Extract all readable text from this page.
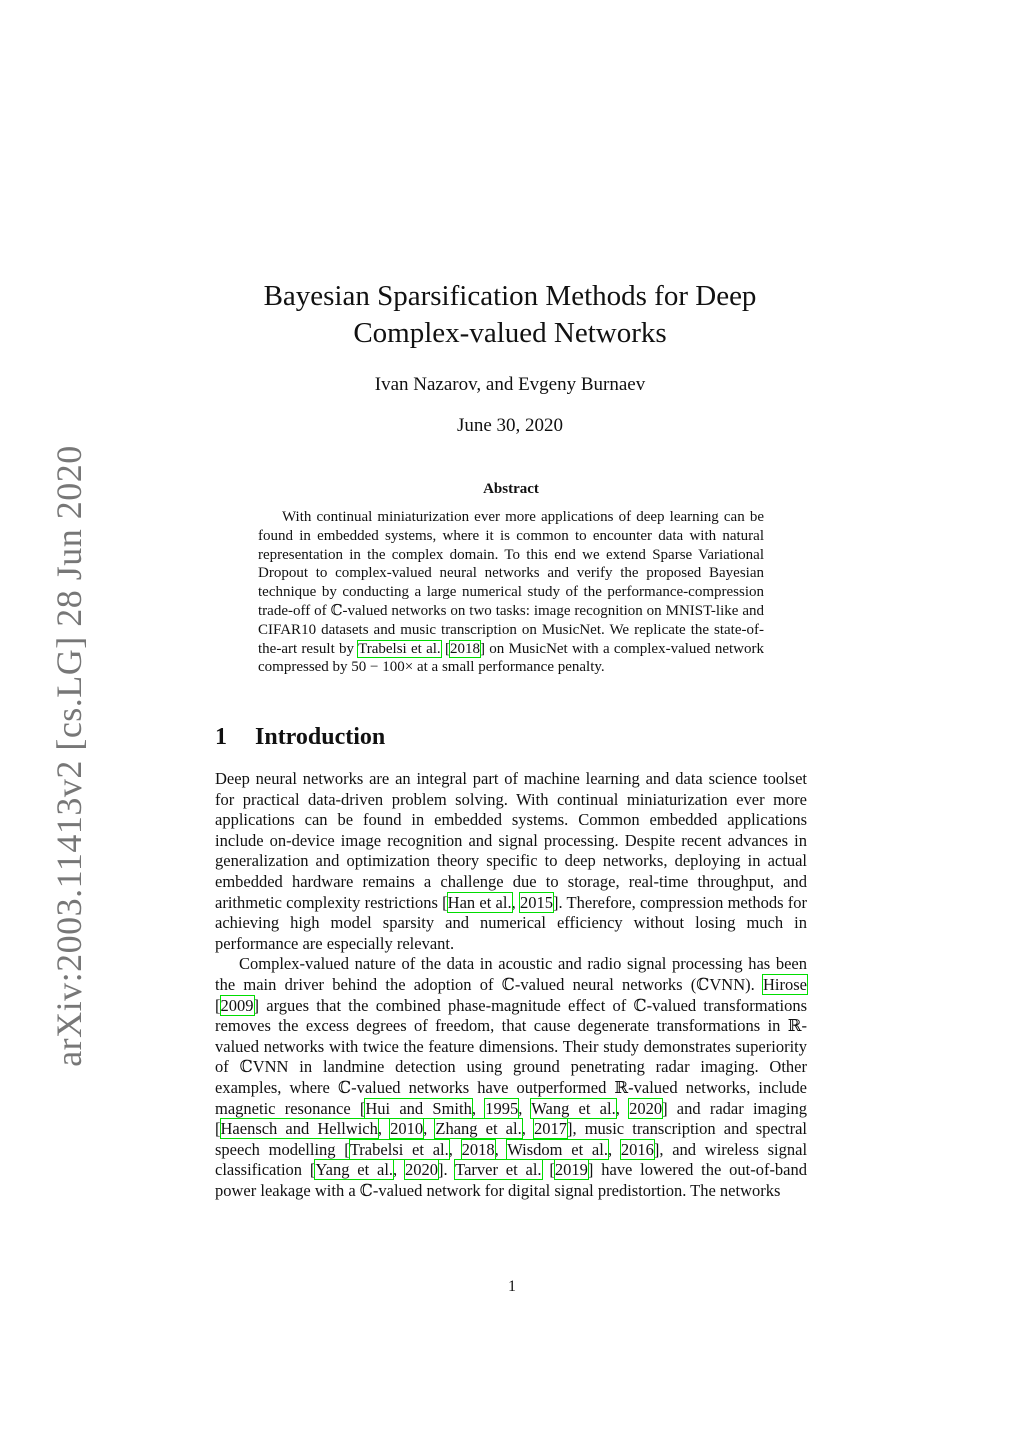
arXiv:2003.11413v2 [cs.LG] 28 Jun 2020
Bayesian Sparsification Methods for Deep
Complex-valued Networks
Ivan Nazarov, and Evgeny Burnaev
June 30, 2020
Abstract

With continual miniaturization ever more applications of deep learning can be found in embedded systems, where it is common to encounter data with natural representation in the complex domain. To this end we extend Sparse Variational Dropout to complex-valued neural networks and verify the proposed Bayesian technique by conducting a large numerical study of the performance-compression trade-off of ℂ-valued networks on two tasks: image recognition on MNIST-like and CIFAR10 datasets and music transcription on MusicNet. We replicate the state-of-the-art result by Trabelsi et al. [2018] on MusicNet with a complex-valued network compressed by 50 − 100× at a small performance penalty.

1 Introduction

Deep neural networks are an integral part of machine learning and data science toolset for practical data-driven problem solving. With continual miniaturization ever more applications can be found in embedded systems. Common embedded applications include on-device image recognition and signal processing. Despite recent advances in generalization and optimization theory specific to deep networks, deploying in actual embedded hardware remains a challenge due to storage, real-time throughput, and arithmetic complexity restrictions [Han et al., 2015]. Therefore, compression methods for achieving high model sparsity and numerical efficiency without losing much in performance are especially relevant.

Complex-valued nature of the data in acoustic and radio signal processing has been the main driver behind the adoption of ℂ-valued neural networks (ℂVNN). Hirose [2009] argues that the combined phase-magnitude effect of ℂ-valued transformations removes the excess degrees of freedom, that cause degenerate transformations in ℝ-valued networks with twice the feature dimensions. Their study demonstrates superiority of ℂVNN in landmine detection using ground penetrating radar imaging. Other examples, where ℂ-valued networks have outperformed ℝ-valued networks, include magnetic resonance [Hui and Smith, 1995, Wang et al., 2020] and radar imaging [Haensch and Hellwich, 2010, Zhang et al., 2017], music transcription and spectral speech modelling [Trabelsi et al., 2018, Wisdom et al., 2016], and wireless signal classification [Yang et al., 2020]. Tarver et al. [2019] have lowered the out-of-band power leakage with a ℂ-valued network for digital signal predistortion. The networks

1
